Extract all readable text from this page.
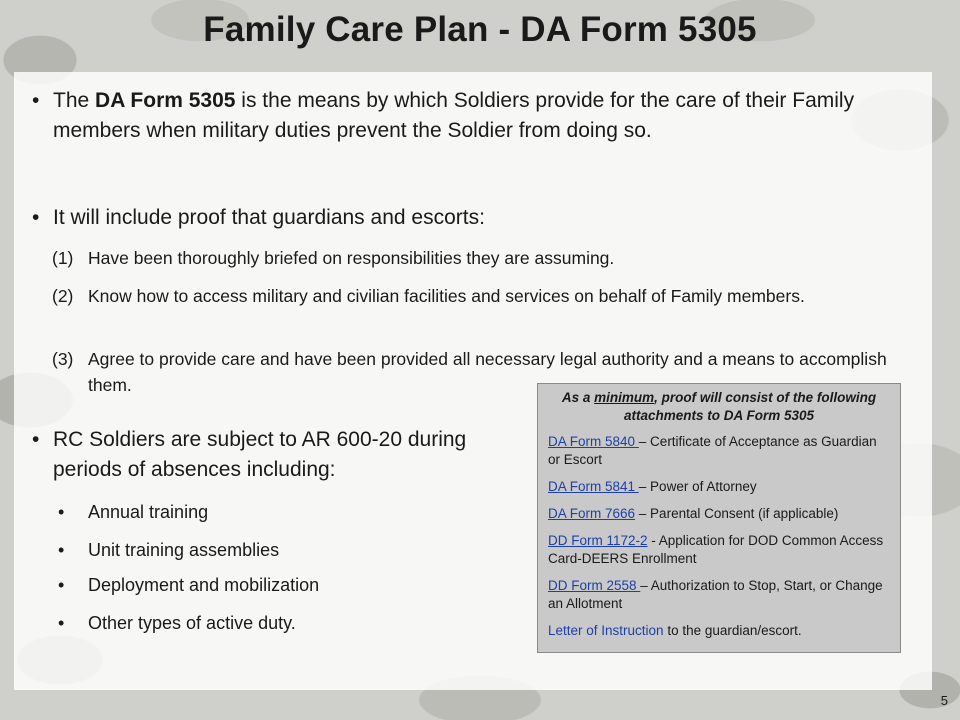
Family Care Plan - DA Form 5305
• The DA Form 5305 is the means by which Soldiers provide for the care of their Family members when military duties prevent the Soldier from doing so.
• It will include proof that guardians and escorts:
(1) Have been thoroughly briefed on responsibilities they are assuming.
(2) Know how to access military and civilian facilities and services on behalf of Family members.
(3) Agree to provide care and have been provided all necessary legal authority and a means to accomplish them.
• RC Soldiers are subject to AR 600-20 during periods of absences including:
•	Annual training
•	Unit training assemblies
•	Deployment and mobilization
•	Other types of active duty.
As a minimum, proof will consist of the following attachments to DA Form 5305
DA Form 5840 – Certificate of Acceptance as Guardian or Escort
DA Form 5841 – Power of Attorney
DA Form 7666 – Parental Consent (if applicable)
DD Form 1172-2 - Application for DOD Common Access Card-DEERS Enrollment
DD Form 2558 – Authorization to Stop, Start, or Change an Allotment
Letter of Instruction to the guardian/escort.
5
